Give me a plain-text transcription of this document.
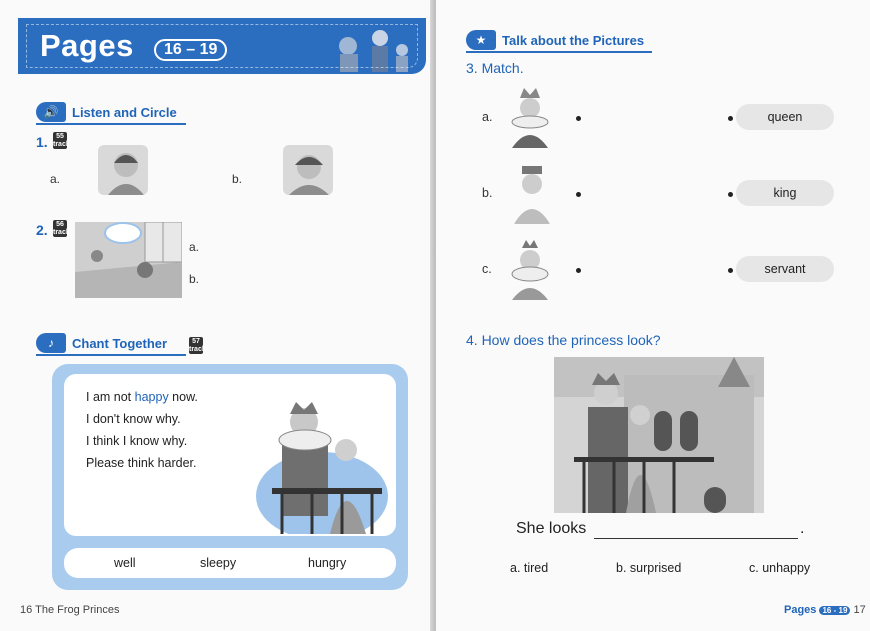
Pages	16 – 19
🔊	Listen and Circle
1.	55
track
a.	b.
2.	56
track
a.
b.
♪	Chant Together	57
track
I am not happy now.
I don't know why.
I think I know why.
Please think harder.
well	sleepy	hungry
16 The Frog Princes
★	Talk about the Pictures
3. Match.
a.	queen
b.	king
c.	servant
4. How does the princess look?
She looks	.
a. tired	b. surprised	c. unhappy
Pages 16 - 19 17
